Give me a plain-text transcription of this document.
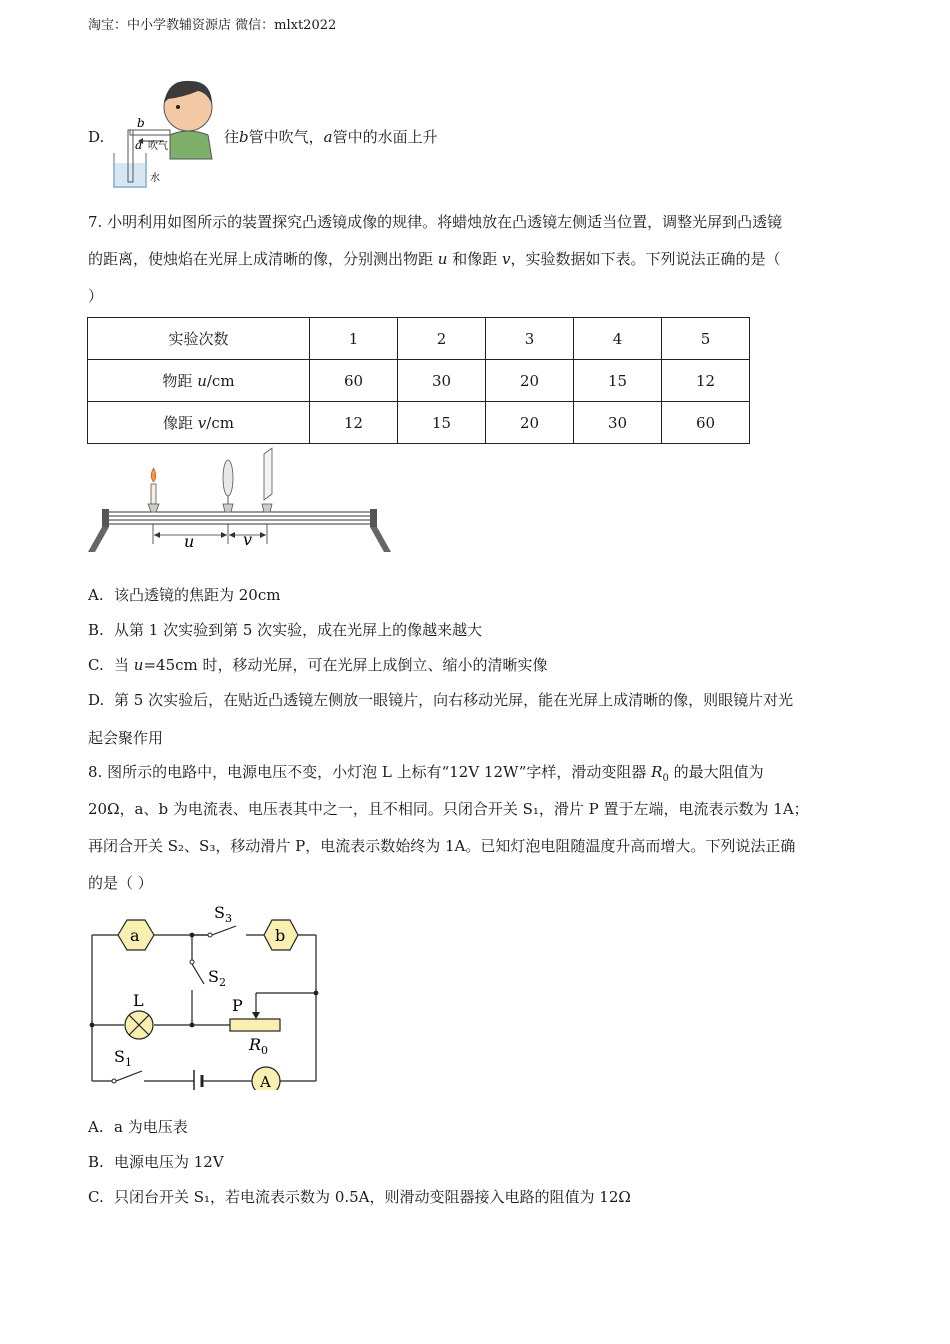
淘宝：中小学教辅资源店 微信：mlxt2022
D.
b
a 吹气
水
往b管中吹气，a管中的水面上升
7. 小明利用如图所示的装置探究凸透镜成像的规律。将蜡烛放在凸透镜左侧适当位置，调整光屏到凸透镜
的距离，使烛焰在光屏上成清晰的像，分别测出物距 u 和像距 v，实验数据如下表。下列说法正确的是（
）
实验次数	1	2	3	4	5
物距 u/cm	60	30	20	15	12
像距 v/cm	12	15	20	30	60
u	v
A. 该凸透镜的焦距为 20cm
B. 从第 1 次实验到第 5 次实验，成在光屏上的像越来越大
C. 当 u=45cm 时，移动光屏，可在光屏上成倒立、缩小的清晰实像
D. 第 5 次实验后，在贴近凸透镜左侧放一眼镜片，向右移动光屏，能在光屏上成清晰的像，则眼镜片对光
起会聚作用
8. 图所示的电路中，电源电压不变，小灯泡 L 上标有“12V 12W”字样，滑动变阻器 $R_0$ 的最大阻值为
20Ω，a、b 为电流表、电压表其中之一，且不相同。只闭合开关 S₁，滑片 P 置于左端，电流表示数为 1A；
再闭合开关 S₂、S₃，移动滑片 P，电流表示数始终为 1A。已知灯泡电阻随温度升高而增大。下列说法正确
的是（ ）
a	b
L	P
$R_0$
A
$S_3$
$S_2$
$S_1$
A. a 为电压表
B. 电源电压为 12V
C. 只闭台开关 S₁，若电流表示数为 0.5A，则滑动变阻器接入电路的阻值为 12Ω
